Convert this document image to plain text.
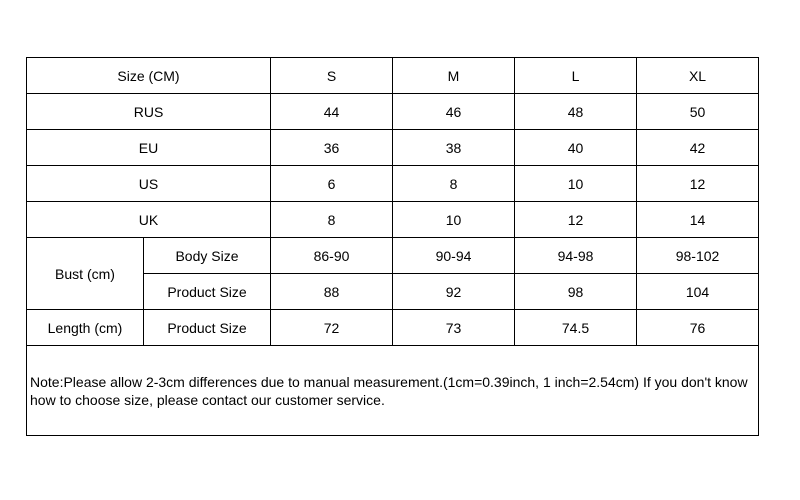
Size (CM)		S	M	L	XL
RUS		44	46	48	50
EU		36	38	40	42
US		6	8	10	12
UK		8	10	12	14
Bust (cm)	Body Size	86-90	90-94	94-98	98-102
	Product Size	88	92	98	104
Length (cm)	Product Size	72	73	74.5	76
Note:Please allow 2-3cm differences due to manual measurement.(1cm=0.39inch, 1 inch=2.54cm) If you don't know how to choose size, please contact our customer service.					
